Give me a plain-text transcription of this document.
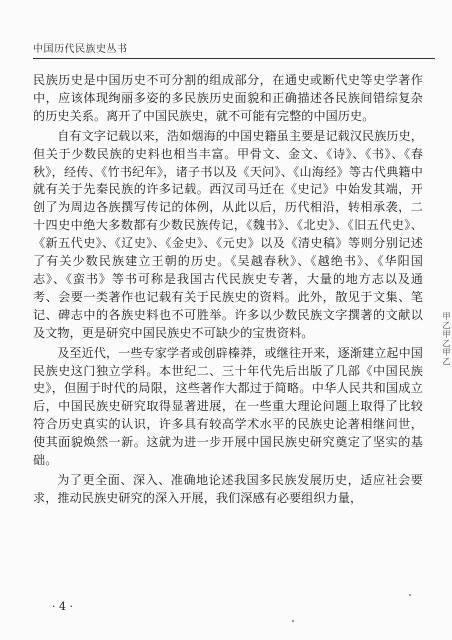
中国历代民族史丛书

民族历史是中国历史不可分割的组成部分，在通史或断代史等史学著作中，应该体现绚丽多姿的多民族历史面貌和正确描述各民族间错综复杂的历史关系。离开了中国民族史，就不可能有完整的中国历史。

自有文字记载以来，浩如烟海的中国史籍虽主要是记载汉民族历史，但关于少数民族的史料也相当丰富。甲骨文、金文、《诗》、《书》、《春秋》，经传、《竹书纪年》，诸子书以及《天问》、《山海经》等古代典籍中就有关于先秦民族的许多记载。西汉司马迁在《史记》中始发其端，开创了为周边各族撰写传记的体例，从此以后，历代相沿，转相承袭，二十四史中绝大多数都有少数民族传记，《魏书》、《北史》、《旧五代史》、《新五代史》、《辽史》、《金史》、《元史》以及《清史稿》等则分别记述了有关少数民族建立王朝的历史。《吴越春秋》、《越绝书》、《华阳国志》、《蛮书》等书可称是我国古代民族史专著，大量的地方志以及通考、会要一类著作也记载有关于民族史的资料。此外，散见于文集、笔记、碑志中的各族史料也不可胜举。许多以少数民族文字撰著的文献以及文物，更是研究中国民族史不可缺少的宝贵资料。

及至近代，一些专家学者或创辟榛莽，或继往开来，逐渐建立起中国民族史这门独立学科。本世纪二、三十年代先后出版了几部《中国民族史》，但囿于时代的局限，这些著作大都过于简略。中华人民共和国成立后，中国民族史研究取得显著进展，在一些重大理论问题上取得了比较符合历史真实的认识，许多具有较高学术水平的民族史论著相继问世，使其面貌焕然一新。这就为进一步开展中国民族史研究奠定了坚实的基础。

为了更全面、深入、准确地论述我国多民族发展历史，适应社会要求，推动民族史研究的深入开展，我们深感有必要组织力量，

甲乙甲乙甲乙
· 4 ·
